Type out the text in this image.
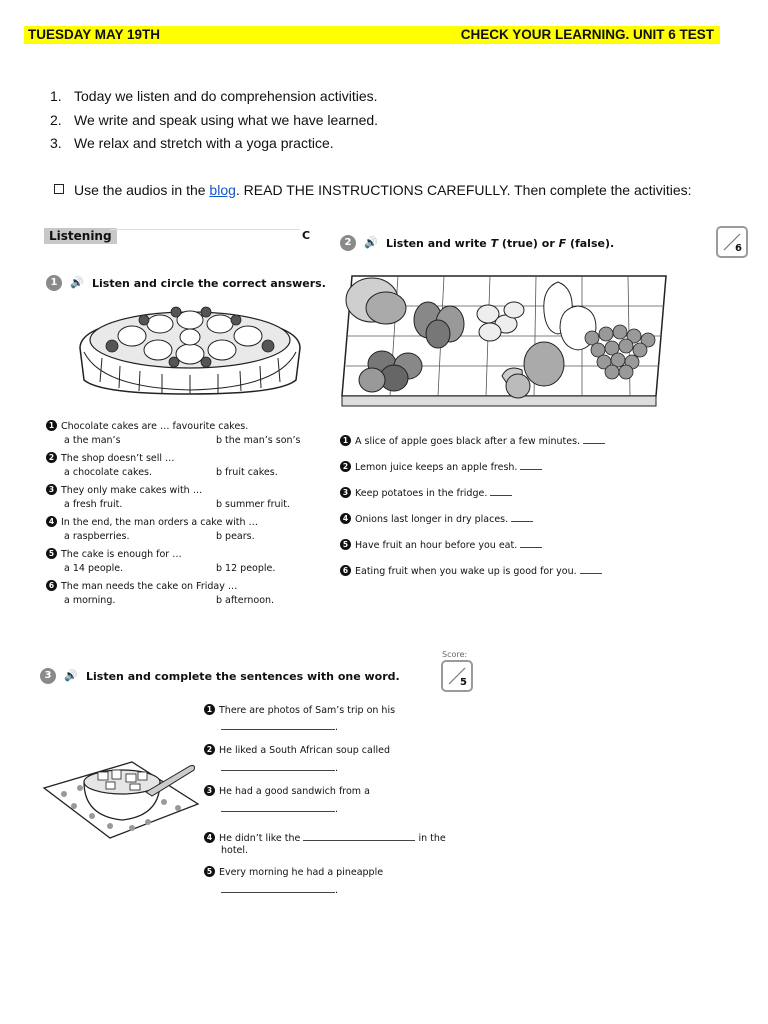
TUESDAY MAY 19TH	CHECK YOUR LEARNING. UNIT 6 TEST
1. Today we listen and do comprehension activities.
2. We write and speak using what we have learned.
3. We relax and stretch with a yoga practice.
Use the audios in the blog. READ THE INSTRUCTIONS CAREFULLY. Then complete the activities:
Listening	C
1	🔊 Listen and circle the correct answers.
1 Chocolate cakes are … favourite cakes.
a the man’s	b the man’s son’s
2 The shop doesn’t sell …
a chocolate cakes.	b fruit cakes.
3 They only make cakes with …
a fresh fruit.	b summer fruit.
4 In the end, the man orders a cake with …
a raspberries.	b pears.
5 The cake is enough for …
a 14 people.	b 12 people.
6 The man needs the cake on Friday …
a morning.	b afternoon.
2	🔊 Listen and write T (true) or F (false).	6
1 A slice of apple goes black after a few minutes.
2 Lemon juice keeps an apple fresh.
3 Keep potatoes in the fridge.
4 Onions last longer in dry places.
5 Have fruit an hour before you eat.
6 Eating fruit when you wake up is good for you.
Score:
5
3	🔊 Listen and complete the sentences with one word.
1 There are photos of Sam’s trip on his
.
2 He liked a South African soup called
.
3 He had a good sandwich from a
.
4 He didn’t like the	in the
hotel.
5 Every morning he had a pineapple
.
